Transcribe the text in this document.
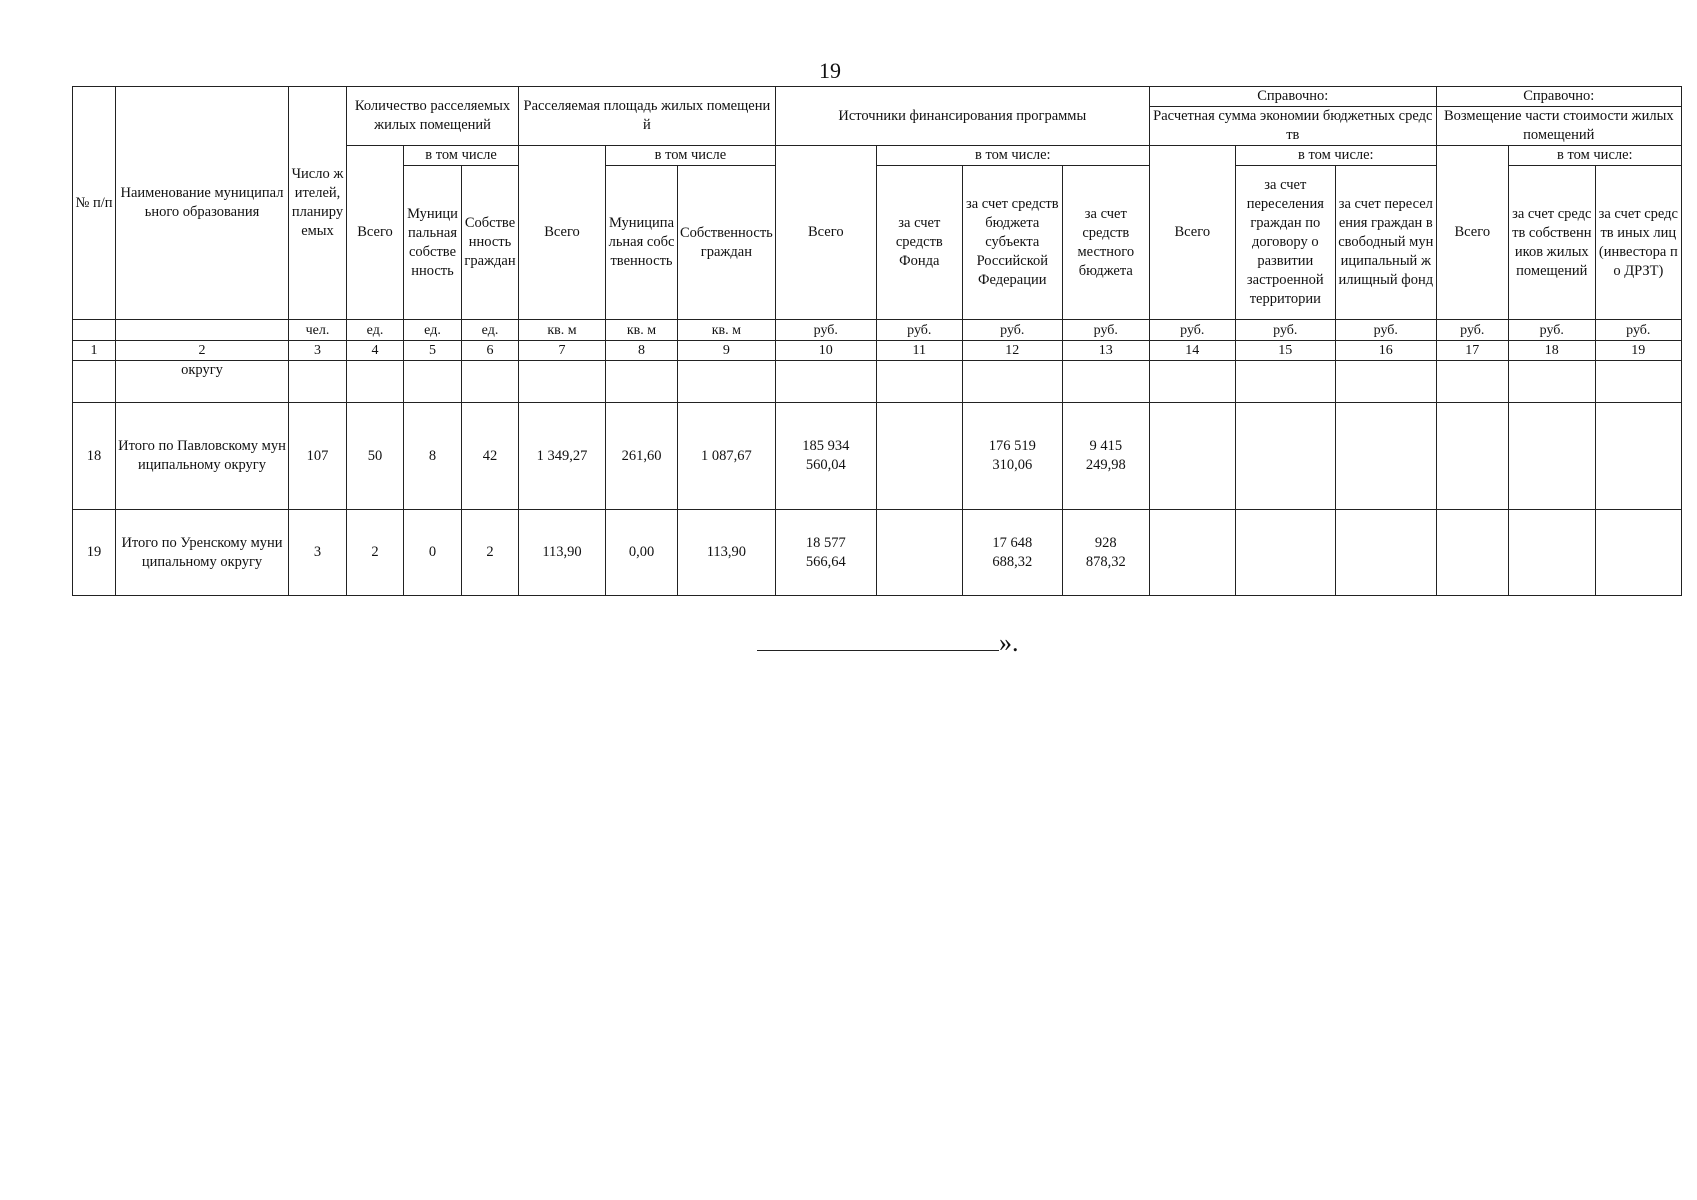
19
№ п/п	Наименование муниципального образования	Число жителей, планируемых	Количество расселяемых жилых помещений			Расселяемая площадь жилых помещений			Источники финансирования программы				Справочно:			Справочно:		
													Расчетная сумма экономии бюджетных средств			Возмещение части стоимости жилых помещений		

			Всего	в том числе		Всего	в том числе		Всего	в том числе:			Всего	в том числе:		Всего	в том числе:	
				Муниципальная собственность	Собственность граждан		Муниципальная собственность	Собственность граждан		за счет средств Фонда	за счет средств бюджета субъекта Российской Федерации	за счет средств местного бюджета		за счет переселения граждан по договору о развитии застроенной территории	за счет переселения граждан в свободный муниципальный жилищный фонд		за счет средств собственников жилых помещений	за счет средств иных лиц (инвестора по ДРЗТ)
		чел.	ед.	ед.	ед.	кв. м	кв. м	кв. м	руб.	руб.	руб.	руб.	руб.	руб.	руб.	руб.	руб.	руб.
1	2	3	4	5	6	7	8	9	10	11	12	13	14	15	16	17	18	19
	округу																	
18	Итого по Павловскому муниципальному округу	107	50	8	42	1 349,27	261,60	1 087,67	185 934 560,04		176 519 310,06	9 415 249,98						
19	Итого по Уренскому муниципальному округу	3	2	0	2	113,90	0,00	113,90	18 577 566,64		17 648 688,32	928 878,32						
».
